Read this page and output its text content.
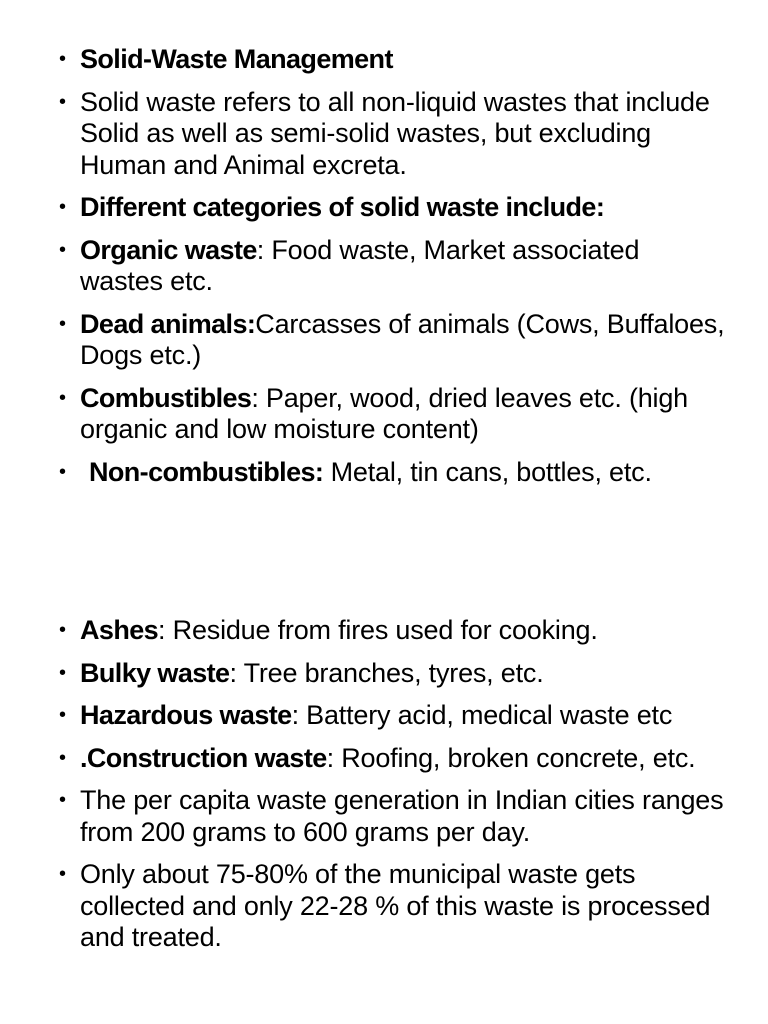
• Solid-Waste Management
• Solid waste refers to all non-liquid wastes that include Solid as well as semi-solid wastes, but excluding Human and Animal excreta.
• Different categories of solid waste include:
• Organic waste: Food waste, Market associated wastes etc.
• Dead animals:Carcasses of animals (Cows, Buffaloes, Dogs etc.)
• Combustibles: Paper, wood, dried leaves etc. (high organic and low moisture content)
• Non-combustibles: Metal, tin cans, bottles, etc.
• Ashes: Residue from fires used for cooking.
• Bulky waste: Tree branches, tyres, etc.
• Hazardous waste: Battery acid, medical waste etc
• .Construction waste: Roofing, broken concrete, etc.
• The per capita waste generation in Indian cities ranges from 200 grams to 600 grams per day.
• Only about 75-80% of the municipal waste gets collected and only 22-28 % of this waste is processed and treated.
